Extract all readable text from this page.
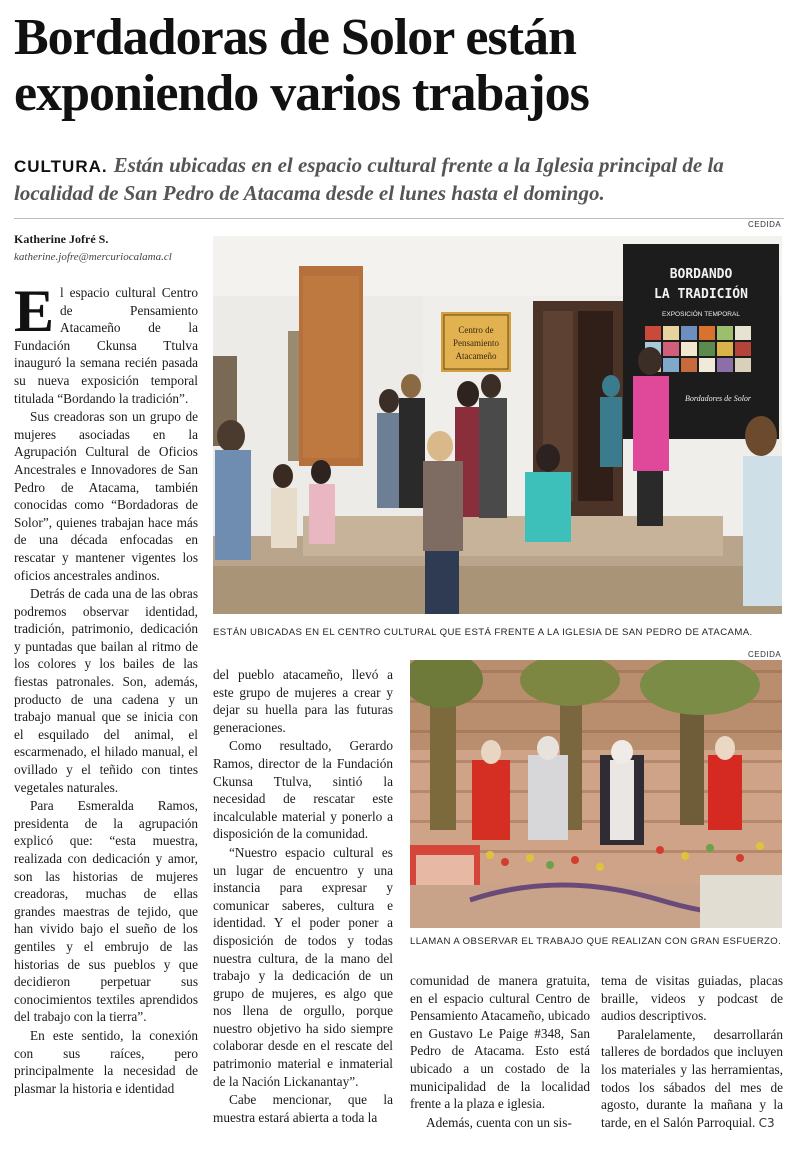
Bordadoras de Solor están
exponiendo varios trabajos
CULTURA. Están ubicadas en el espacio cultural frente a la Iglesia principal de la localidad de San Pedro de Atacama desde el lunes hasta el domingo.
Katherine Jofré S.
katherine.jofre@mercuriocalama.cl
CEDIDA
Centro de
Pensamiento
Atacameño
BORDANDO
LA TRADICIÓN
EXPOSICIÓN TEMPORAL
Bordadores de Solor
ESTÁN UBICADAS EN EL CENTRO CULTURAL QUE ESTÁ FRENTE A LA IGLESIA DE SAN PEDRO DE ATACAMA.
CEDIDA
LLAMAN A OBSERVAR EL TRABAJO QUE REALIZAN CON GRAN ESFUERZO.

El espacio cultural Centro de Pensamiento Atacameño de la Fundación Ckunsa Ttulva inauguró la semana recién pasada su nueva exposición temporal titulada “Bordando la tradición”.

Sus creadoras son un grupo de mujeres asociadas en la Agrupación Cultural de Oficios Ancestrales e Innovadores de San Pedro de Atacama, también conocidas como “Bordadoras de Solor”, quienes trabajan hace más de una década enfocadas en rescatar y mantener vigentes los oficios ancestrales andinos.

Detrás de cada una de las obras podremos observar identidad, tradición, patrimonio, dedicación y puntadas que bailan al ritmo de los colores y los bailes de las fiestas patronales. Son, además, producto de una cadena y un trabajo manual que se inicia con el esquilado del animal, el escarmenado, el hilado manual, el ovillado y el teñido con tintes vegetales naturales.

Para Esmeralda Ramos, presidenta de la agrupación explicó que: “esta muestra, realizada con dedicación y amor, son las historias de mujeres creadoras, muchas de ellas grandes maestras de tejido, que han vivido bajo el sueño de los gentiles y el embrujo de las historias de sus pueblos y que decidieron perpetuar sus conocimientos textiles aprendidos del trabajo con la tierra”.

En este sentido, la conexión con sus raíces, pero principalmente la necesidad de plasmar la historia e identidad

del pueblo atacameño, llevó a este grupo de mujeres a crear y dejar su huella para las futuras generaciones.

Como resultado, Gerardo Ramos, director de la Fundación Ckunsa Ttulva, sintió la necesidad de rescatar este incalculable material y ponerlo a disposición de la comunidad.

“Nuestro espacio cultural es un lugar de encuentro y una instancia para expresar y comunicar saberes, cultura e identidad. Y el poder poner a disposición de todos y todas nuestra cultura, de la mano del trabajo y la dedicación de un grupo de mujeres, es algo que nos llena de orgullo, porque nuestro objetivo ha sido siempre colaborar desde en el rescate del patrimonio material e inmaterial de la Nación Lickanantay”.

Cabe mencionar, que la muestra estará abierta a toda la

comunidad de manera gratuita, en el espacio cultural Centro de Pensamiento Atacameño, ubicado en Gustavo Le Paige #348, San Pedro de Atacama. Esto está ubicado a un costado de la municipalidad de la localidad frente a la plaza e iglesia.

Además, cuenta con un sis-

tema de visitas guiadas, placas braille, videos y podcast de audios descriptivos.

Paralelamente, desarrollarán talleres de bordados que incluyen los materiales y las herramientas, todos los sábados del mes de agosto, durante la mañana y la tarde, en el Salón Parroquial. C3
